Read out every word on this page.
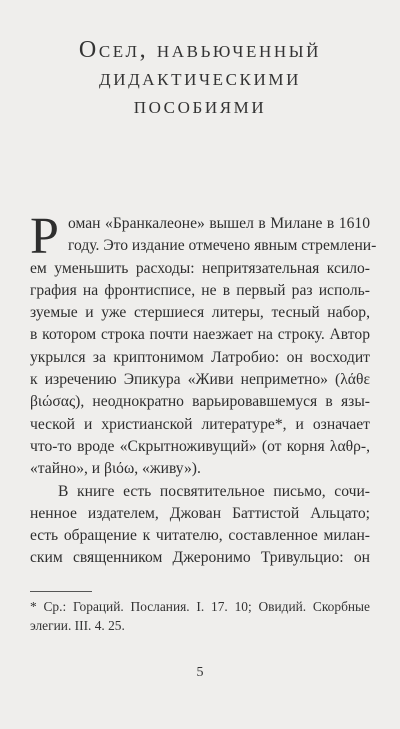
Осел, навьюченный
дидактическими
пособиями
Р оман «Бранкалеоне» вышел в Милане в 1610
году. Это издание отмечено явным стремлени-
ем уменьшить расходы: непритязательная ксило-
графия на фронтисписе, не в первый раз исполь-
зуемые и уже стершиеся литеры, тесный набор,
в котором строка почти наезжает на строку. Автор
укрылся за криптонимом Латробио: он восходит
к изречению Эпикура «Живи неприметно» (λάθε
βιώσας), неоднократно варьировавшемуся в язы-
ческой и христианской литературе*, и означает
что-то вроде «Скрытноживущий» (от корня λαθρ-,
«тайно», и βιόω, «живу»).
В книге есть посвятительное письмо, сочи-
ненное издателем, Джован Баттистой Альцато;
есть обращение к читателю, составленное милан-
ским священником Джеронимо Тривульцио: он
* Ср.: Гораций. Послания. I. 17. 10; Овидий. Скорбные
элегии. III. 4. 25.
5
